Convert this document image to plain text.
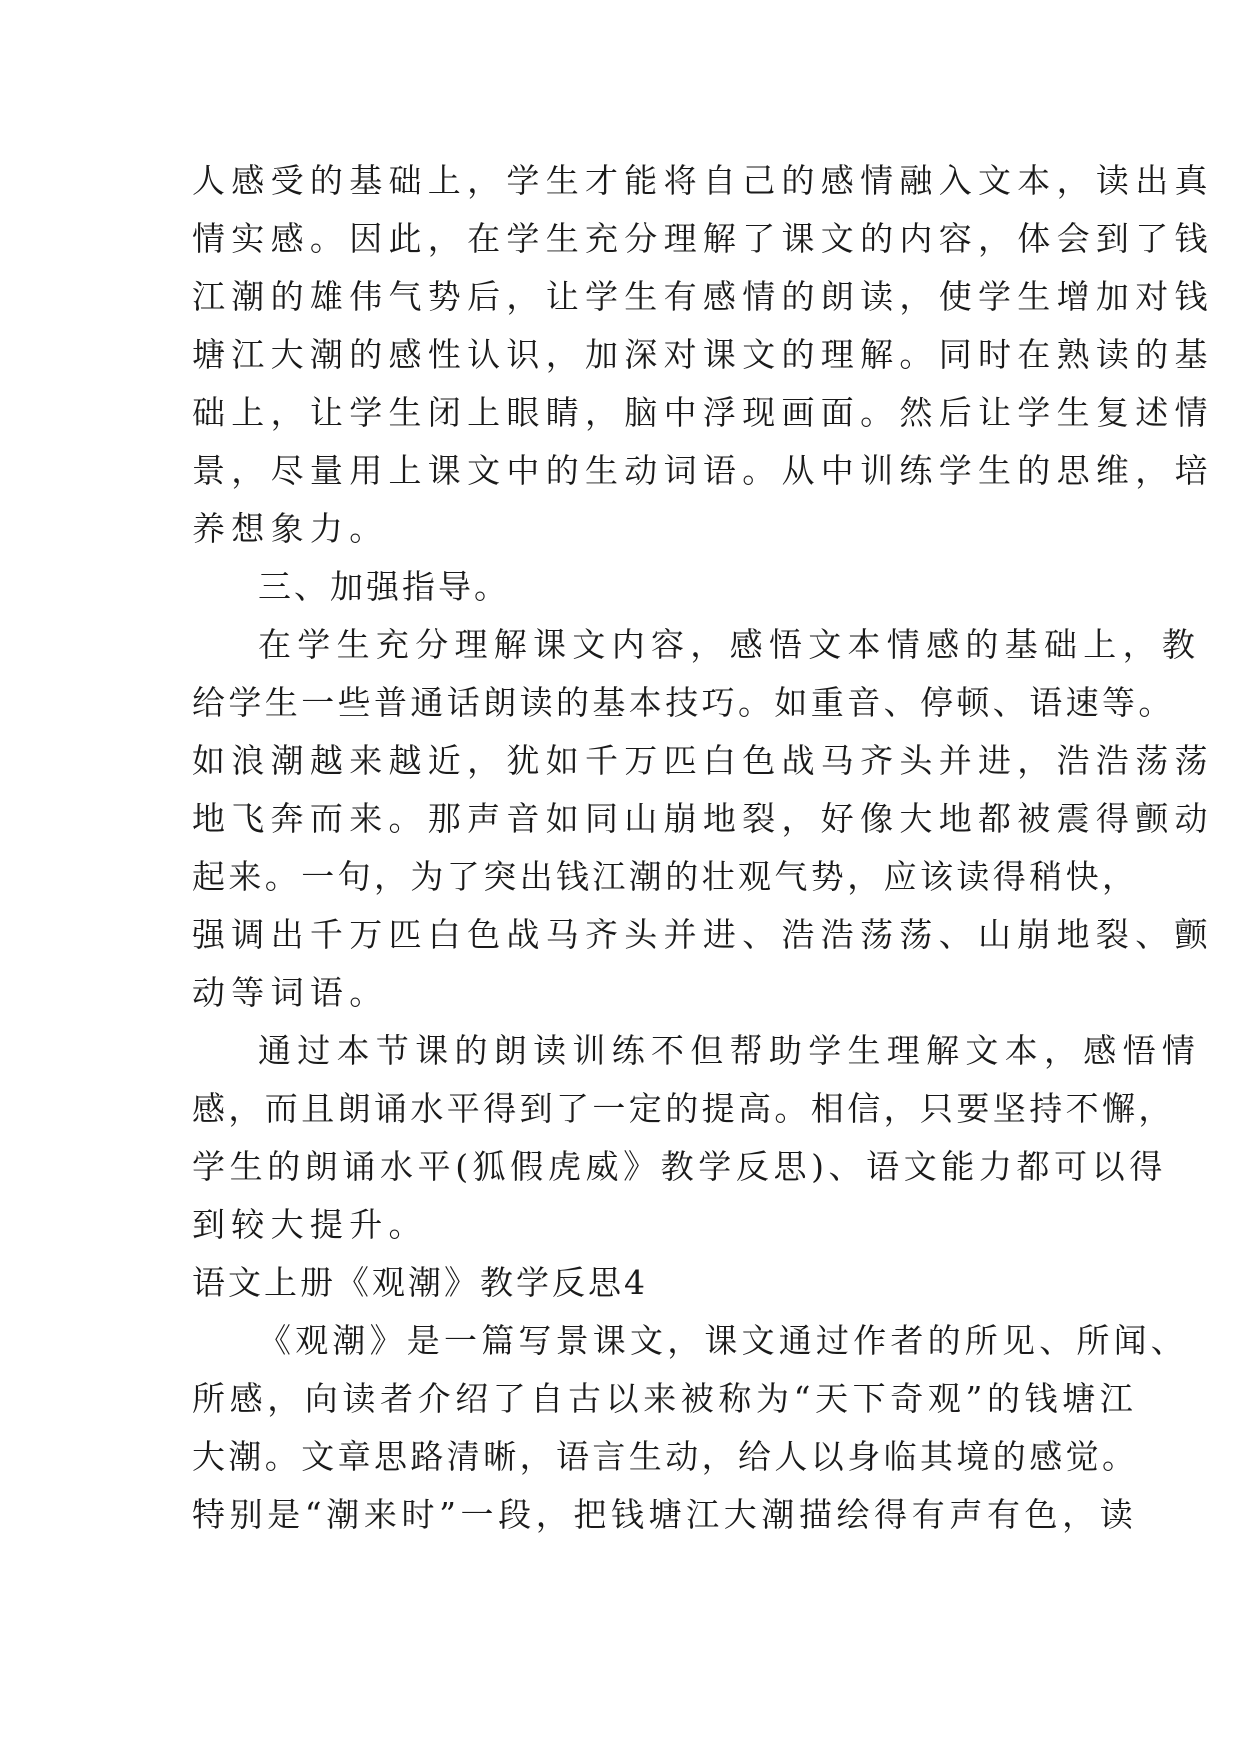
人感受的基础上，学生才能将自己的感情融入文本，读出真
情实感。因此，在学生充分理解了课文的内容，体会到了钱
江潮的雄伟气势后，让学生有感情的朗读，使学生增加对钱
塘江大潮的感性认识，加深对课文的理解。同时在熟读的基
础上，让学生闭上眼睛，脑中浮现画面。然后让学生复述情
景，尽量用上课文中的生动词语。从中训练学生的思维，培
养想象力。
三、加强指导。
在学生充分理解课文内容，感悟文本情感的基础上，教
给学生一些普通话朗读的基本技巧。如重音、停顿、语速等。
如浪潮越来越近，犹如千万匹白色战马齐头并进，浩浩荡荡
地飞奔而来。那声音如同山崩地裂，好像大地都被震得颤动
起来。一句，为了突出钱江潮的壮观气势，应该读得稍快，
强调出千万匹白色战马齐头并进、浩浩荡荡、山崩地裂、颤
动等词语。
通过本节课的朗读训练不但帮助学生理解文本，感悟情
感，而且朗诵水平得到了一定的提高。相信，只要坚持不懈，
学生的朗诵水平(狐假虎威》教学反思)、语文能力都可以得
到较大提升。
语文上册《观潮》教学反思4
《观潮》是一篇写景课文，课文通过作者的所见、所闻、
所感，向读者介绍了自古以来被称为“天下奇观”的钱塘江
大潮。文章思路清晰，语言生动，给人以身临其境的感觉。
特别是“潮来时”一段，把钱塘江大潮描绘得有声有色，读
